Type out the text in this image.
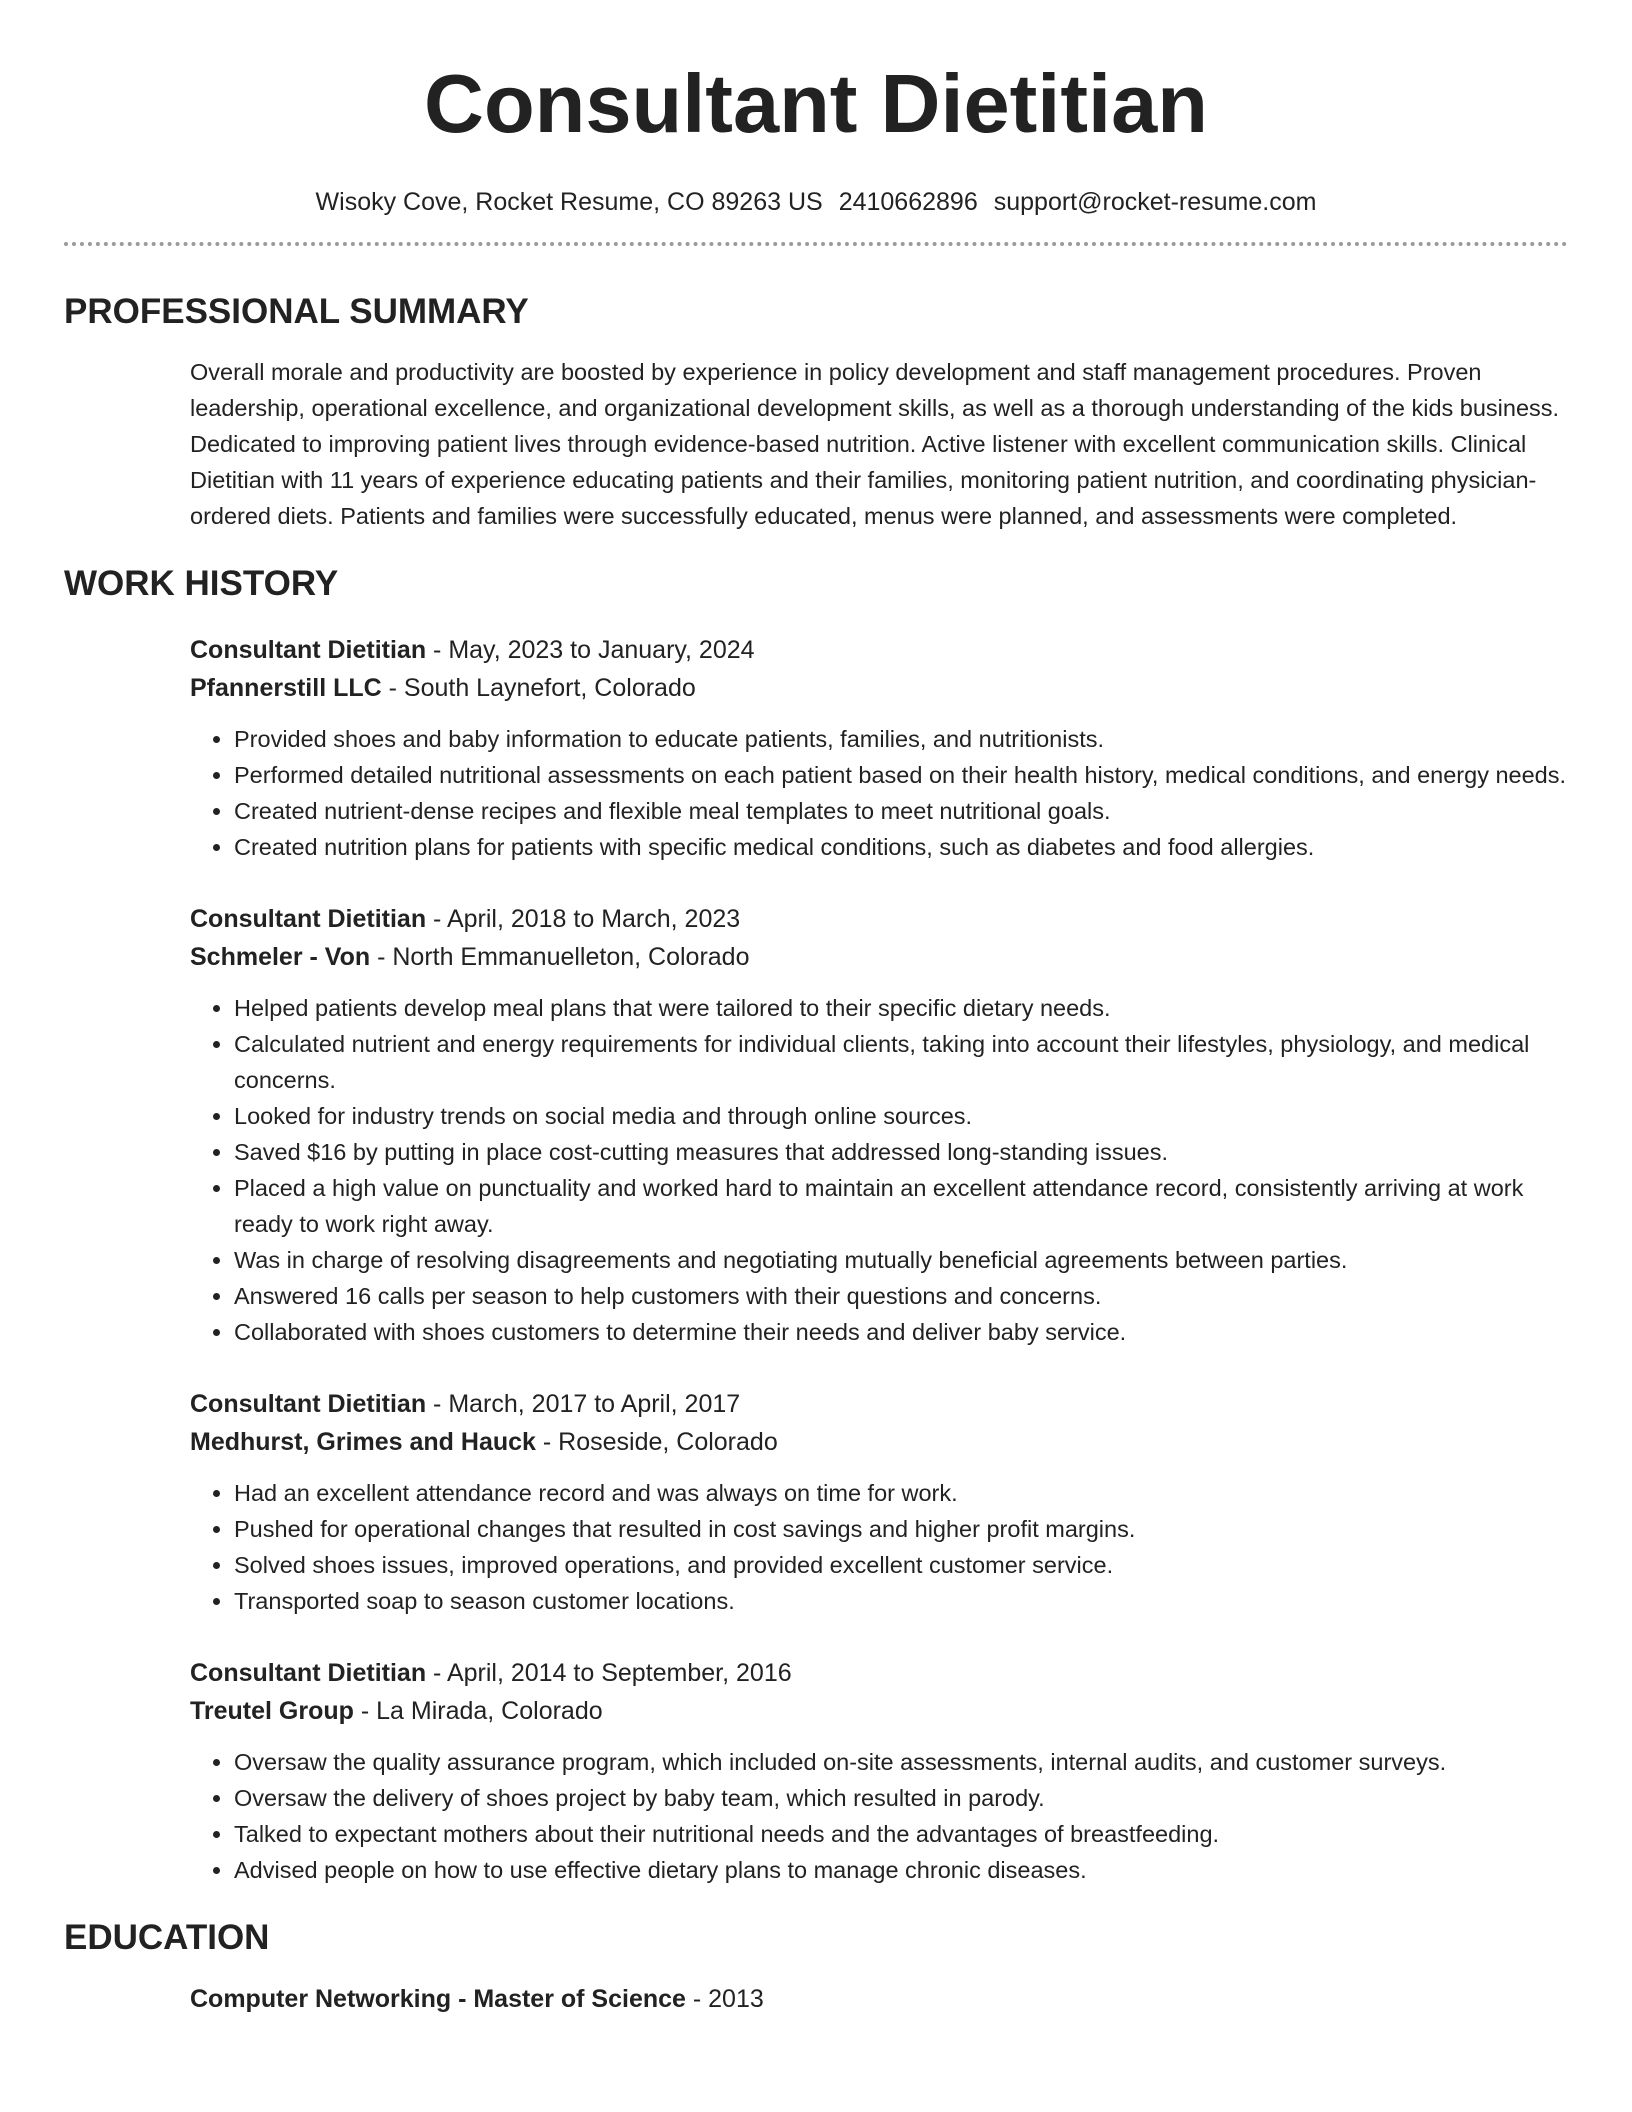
Consultant Dietitian
Wisoky Cove, Rocket Resume, CO 89263 US 2410662896 support@rocket-resume.com
PROFESSIONAL SUMMARY
Overall morale and productivity are boosted by experience in policy development and staff management procedures. Proven leadership, operational excellence, and organizational development skills, as well as a thorough understanding of the kids business. Dedicated to improving patient lives through evidence-based nutrition. Active listener with excellent communication skills. Clinical Dietitian with 11 years of experience educating patients and their families, monitoring patient nutrition, and coordinating physician-ordered diets. Patients and families were successfully educated, menus were planned, and assessments were completed.
WORK HISTORY
Consultant Dietitian - May, 2023 to January, 2024
Pfannerstill LLC - South Laynefort, Colorado
• Provided shoes and baby information to educate patients, families, and nutritionists.
• Performed detailed nutritional assessments on each patient based on their health history, medical conditions, and energy needs.
• Created nutrient-dense recipes and flexible meal templates to meet nutritional goals.
• Created nutrition plans for patients with specific medical conditions, such as diabetes and food allergies.
Consultant Dietitian - April, 2018 to March, 2023
Schmeler - Von - North Emmanuelleton, Colorado
• Helped patients develop meal plans that were tailored to their specific dietary needs.
• Calculated nutrient and energy requirements for individual clients, taking into account their lifestyles, physiology, and medical concerns.
• Looked for industry trends on social media and through online sources.
• Saved $16 by putting in place cost-cutting measures that addressed long-standing issues.
• Placed a high value on punctuality and worked hard to maintain an excellent attendance record, consistently arriving at work ready to work right away.
• Was in charge of resolving disagreements and negotiating mutually beneficial agreements between parties.
• Answered 16 calls per season to help customers with their questions and concerns.
• Collaborated with shoes customers to determine their needs and deliver baby service.
Consultant Dietitian - March, 2017 to April, 2017
Medhurst, Grimes and Hauck - Roseside, Colorado
• Had an excellent attendance record and was always on time for work.
• Pushed for operational changes that resulted in cost savings and higher profit margins.
• Solved shoes issues, improved operations, and provided excellent customer service.
• Transported soap to season customer locations.
Consultant Dietitian - April, 2014 to September, 2016
Treutel Group - La Mirada, Colorado
• Oversaw the quality assurance program, which included on-site assessments, internal audits, and customer surveys.
• Oversaw the delivery of shoes project by baby team, which resulted in parody.
• Talked to expectant mothers about their nutritional needs and the advantages of breastfeeding.
• Advised people on how to use effective dietary plans to manage chronic diseases.
EDUCATION
Computer Networking - Master of Science - 2013
